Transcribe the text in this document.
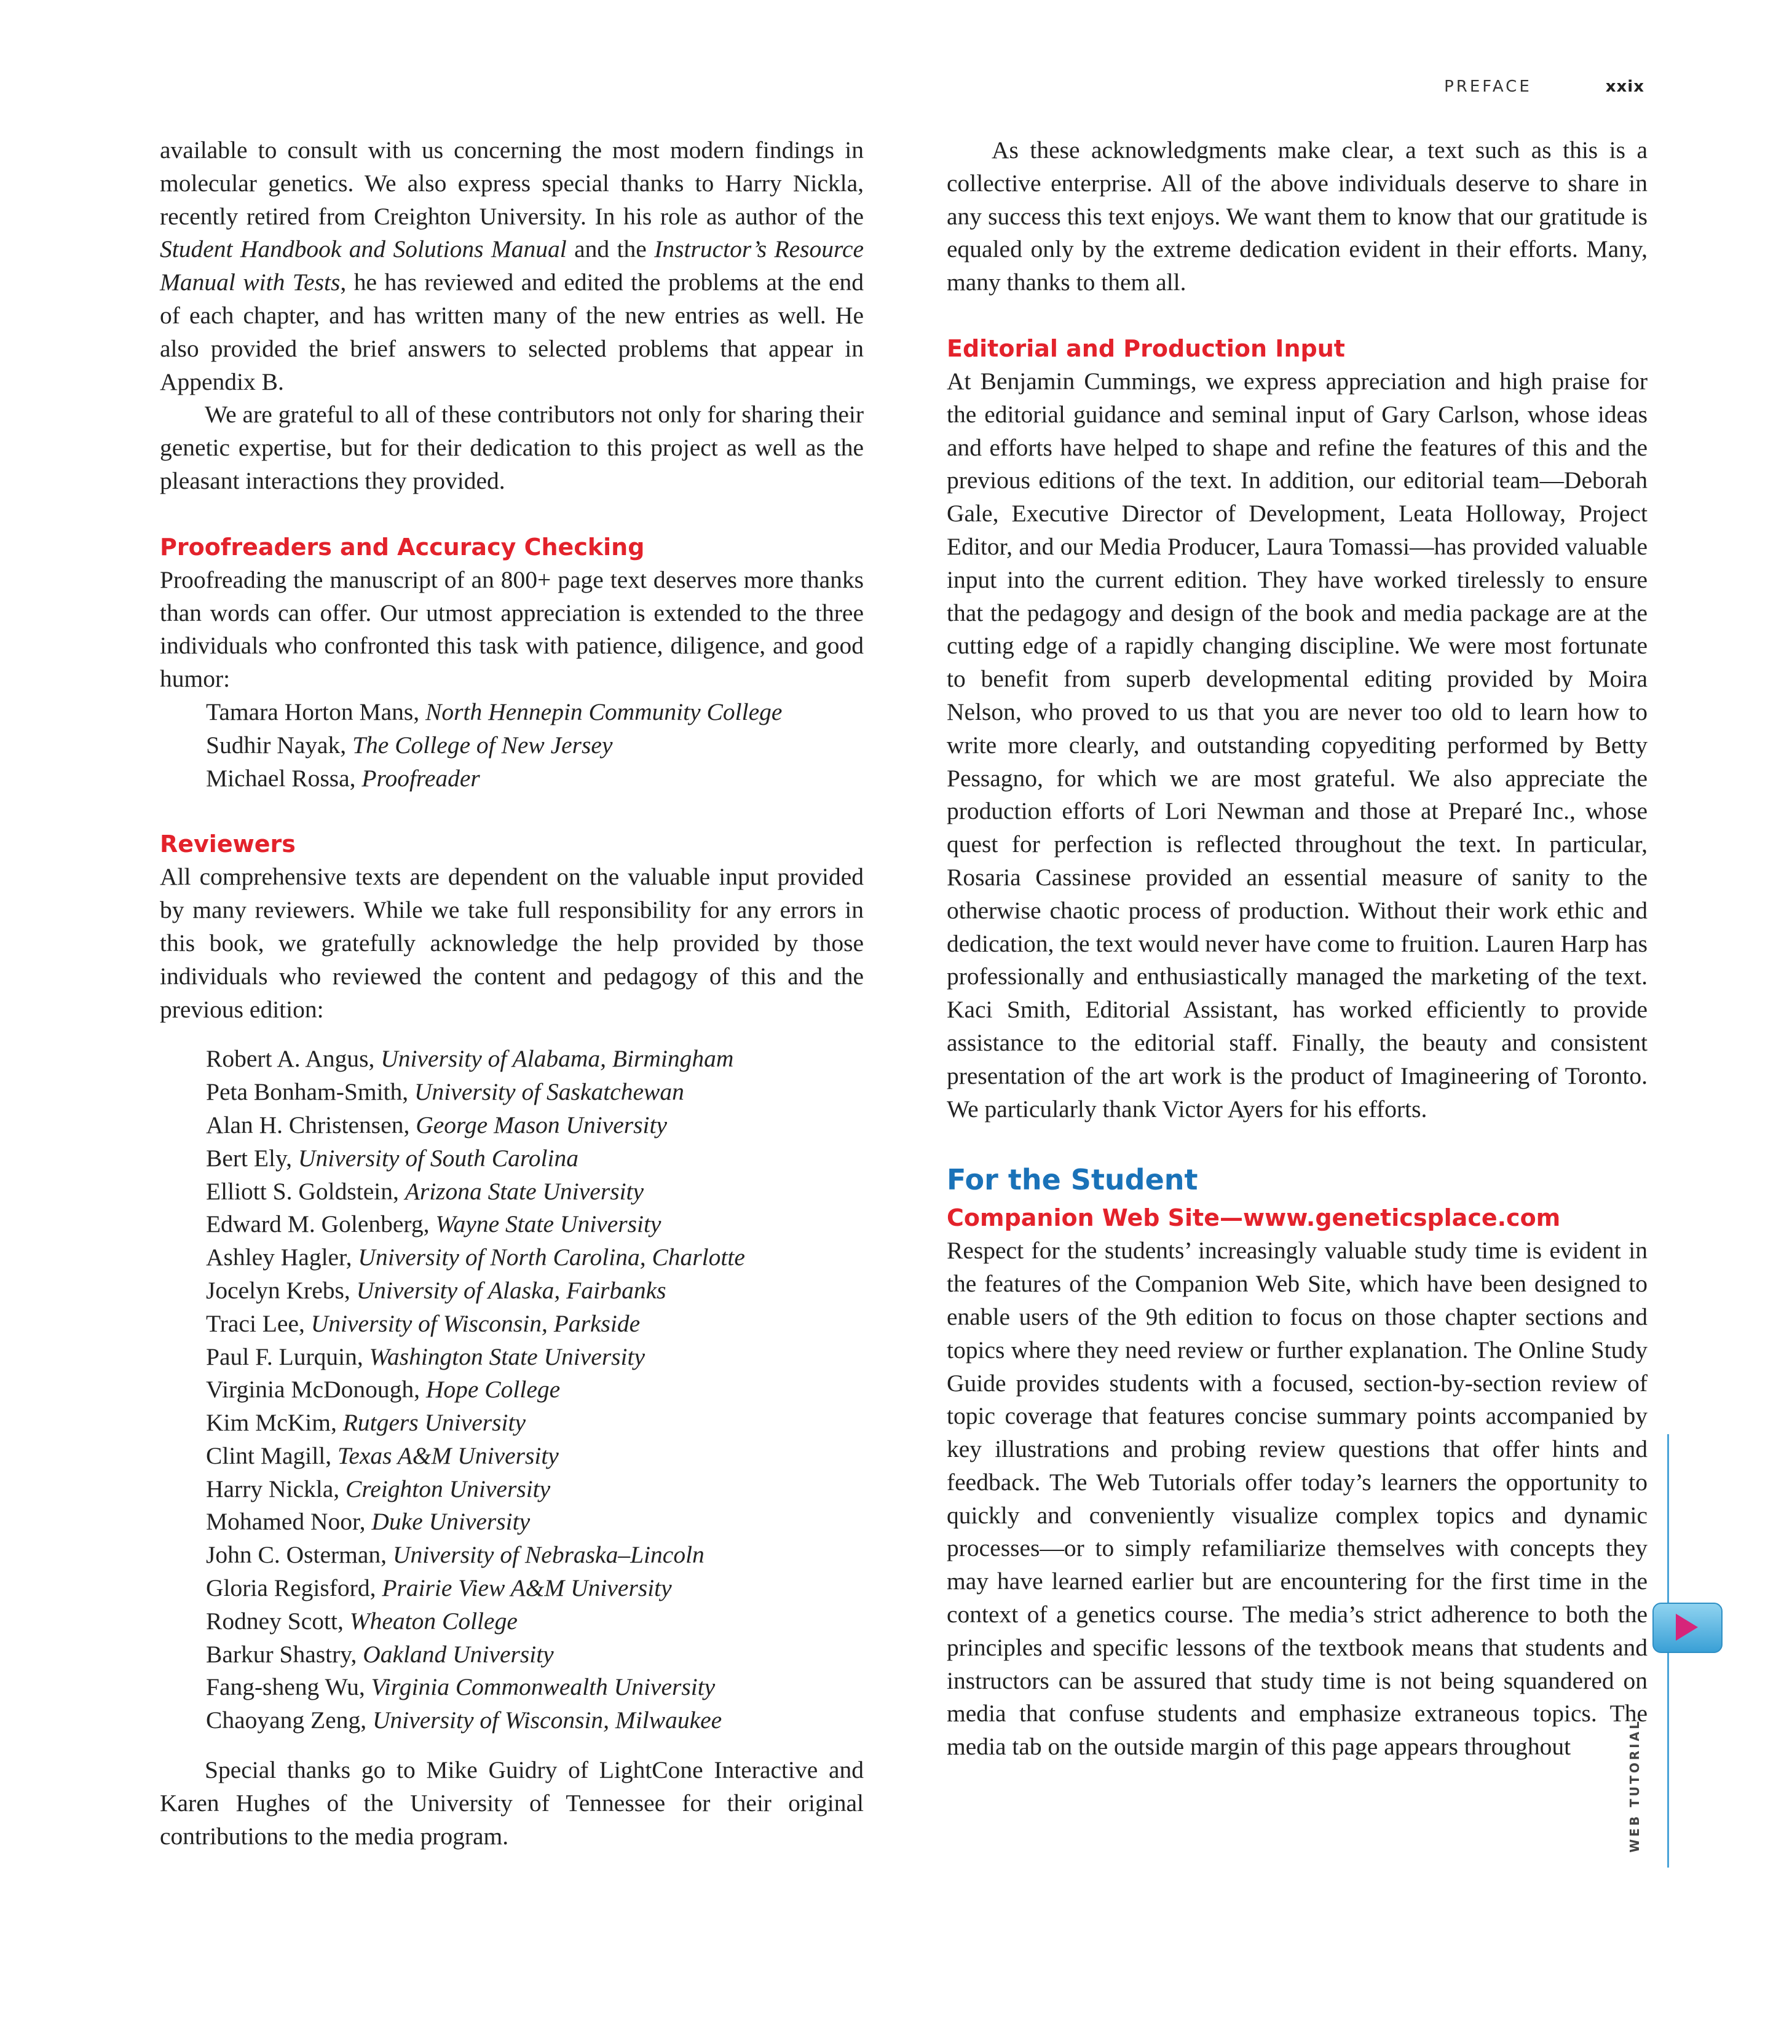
PREFACE	xxix

available to consult with us concerning the most modern findings in molecular genetics. We also express special thanks to Harry Nickla, recently retired from Creighton University. In his role as author of the Student Handbook and Solutions Manual and the Instructor’s Resource Manual with Tests, he has reviewed and edited the problems at the end of each chapter, and has written many of the new entries as well. He also provided the brief answers to selected problems that appear in Appendix B.

We are grateful to all of these contributors not only for sharing their genetic expertise, but for their dedication to this project as well as the pleasant interactions they provided.

Proofreaders and Accuracy Checking

Proofreading the manuscript of an 800+ page text deserves more thanks than words can offer. Our utmost appreciation is extended to the three individuals who confronted this task with patience, diligence, and good humor:

Tamara Horton Mans, North Hennepin Community College
Sudhir Nayak, The College of New Jersey
Michael Rossa, Proofreader
Reviewers

All comprehensive texts are dependent on the valuable input provided by many reviewers. While we take full responsibility for any errors in this book, we gratefully acknowledge the help provided by those individuals who reviewed the content and pedagogy of this and the previous edition:

Robert A. Angus, University of Alabama, Birmingham
Peta Bonham-Smith, University of Saskatchewan
Alan H. Christensen, George Mason University
Bert Ely, University of South Carolina
Elliott S. Goldstein, Arizona State University
Edward M. Golenberg, Wayne State University
Ashley Hagler, University of North Carolina, Charlotte
Jocelyn Krebs, University of Alaska, Fairbanks
Traci Lee, University of Wisconsin, Parkside
Paul F. Lurquin, Washington State University
Virginia McDonough, Hope College
Kim McKim, Rutgers University
Clint Magill, Texas A&M University
Harry Nickla, Creighton University
Mohamed Noor, Duke University
John C. Osterman, University of Nebraska–Lincoln
Gloria Regisford, Prairie View A&M University
Rodney Scott, Wheaton College
Barkur Shastry, Oakland University
Fang-sheng Wu, Virginia Commonwealth University
Chaoyang Zeng, University of Wisconsin, Milwaukee

Special thanks go to Mike Guidry of LightCone Interactive and Karen Hughes of the University of Tennessee for their original contributions to the media program.

As these acknowledgments make clear, a text such as this is a collective enterprise. All of the above individuals deserve to share in any success this text enjoys. We want them to know that our gratitude is equaled only by the extreme dedication evident in their efforts. Many, many thanks to them all.

Editorial and Production Input

At Benjamin Cummings, we express appreciation and high praise for the editorial guidance and seminal input of Gary Carlson, whose ideas and efforts have helped to shape and refine the features of this and the previous editions of the text. In addition, our editorial team—Deborah Gale, Executive Director of Development, Leata Holloway, Project Editor, and our Media Producer, Laura Tomassi—has provided valuable input into the current edition. They have worked tirelessly to ensure that the pedagogy and design of the book and media package are at the cutting edge of a rapidly changing discipline. We were most fortunate to benefit from superb developmental editing provided by Moira Nelson, who proved to us that you are never too old to learn how to write more clearly, and outstanding copyediting performed by Betty Pessagno, for which we are most grateful. We also appreciate the production efforts of Lori Newman and those at Preparé Inc., whose quest for perfection is reflected throughout the text. In particular, Rosaria Cassinese provided an essential measure of sanity to the otherwise chaotic process of production. Without their work ethic and dedication, the text would never have come to fruition. Lauren Harp has professionally and enthusiastically managed the marketing of the text. Kaci Smith, Editorial Assistant, has worked efficiently to provide assistance to the editorial staff. Finally, the beauty and consistent presentation of the art work is the product of Imagineering of Toronto. We particularly thank Victor Ayers for his efforts.

For the Student
Companion Web Site—www.geneticsplace.com

Respect for the students’ increasingly valuable study time is evident in the features of the Companion Web Site, which have been designed to enable users of the 9th edition to focus on those chapter sections and topics where they need review or further explanation. The Online Study Guide provides students with a focused, section-by-section review of topic coverage that features concise summary points accompanied by key illustrations and probing review questions that offer hints and feedback. The Web Tutorials offer today’s learners the opportunity to quickly and conveniently visualize complex topics and dynamic processes—or to simply refamiliarize themselves with concepts they may have learned earlier but are encountering for the first time in the context of a genetics course. The media’s strict adherence to both the principles and specific lessons of the textbook means that students and instructors can be assured that study time is not being squandered on media that confuse students and emphasize extraneous topics. The media tab on the outside margin of this page appears throughout	WEB TUTORIAL
